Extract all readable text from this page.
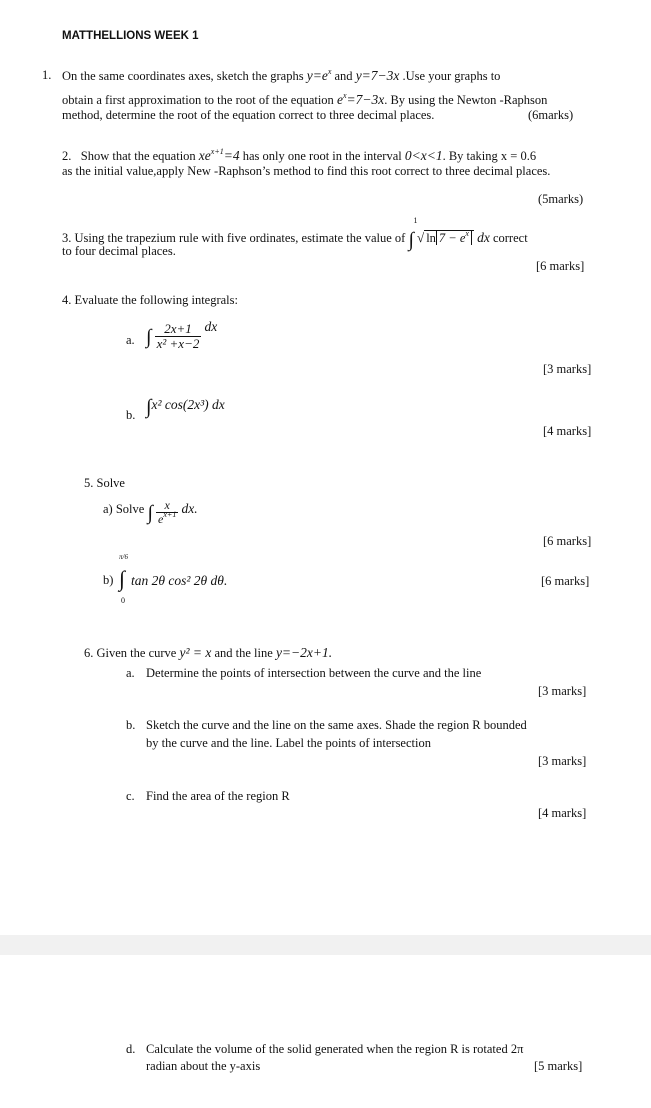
MATTHELLIONS WEEK 1
1. On the same coordinates axes, sketch the graphs $y=e^x$ and y=7−3x .Use your graphs to
obtain a first approximation to the root of the equation $e^x=7-3x$. By using the Newton -Raphson
method, determine the root of the equation correct to three decimal places.	(6marks)
2. Show that the equation $xe^{x+1}=4$ has only one root in the interval 0<x<1. By taking x = 0.6
as the initial value,apply New -Raphson’s method to find this root correct to three decimal places.
(5marks)
3. Using the trapezium rule with five ordinates, estimate the value of
1
∫ √ $\ln 7 - e^x$ dx correct
to four decimal places.
[6 marks]
4. Evaluate the following integrals:
a. ∫ $\frac{2x+1}{\text{x² +x−2}}$ dx
[3 marks]
b. ∫x² cos(2x³) dx
[4 marks]
5. Solve
a) Solve ∫ $\frac{x}{e^{x+1}}$ dx.
[6 marks]
b)
π/6
∫
0
tan 2θ cos² 2θ dθ.	[6 marks]
6. Given the curve y² = x and the line y=−2x+1.
a. Determine the points of intersection between the curve and the line
[3 marks]
b. Sketch the curve and the line on the same axes. Shade the region R bounded
by the curve and the line. Label the points of intersection
[3 marks]
c. Find the area of the region R
[4 marks]
d. Calculate the volume of the solid generated when the region R is rotated 2π
radian about the y-axis	[5 marks]
